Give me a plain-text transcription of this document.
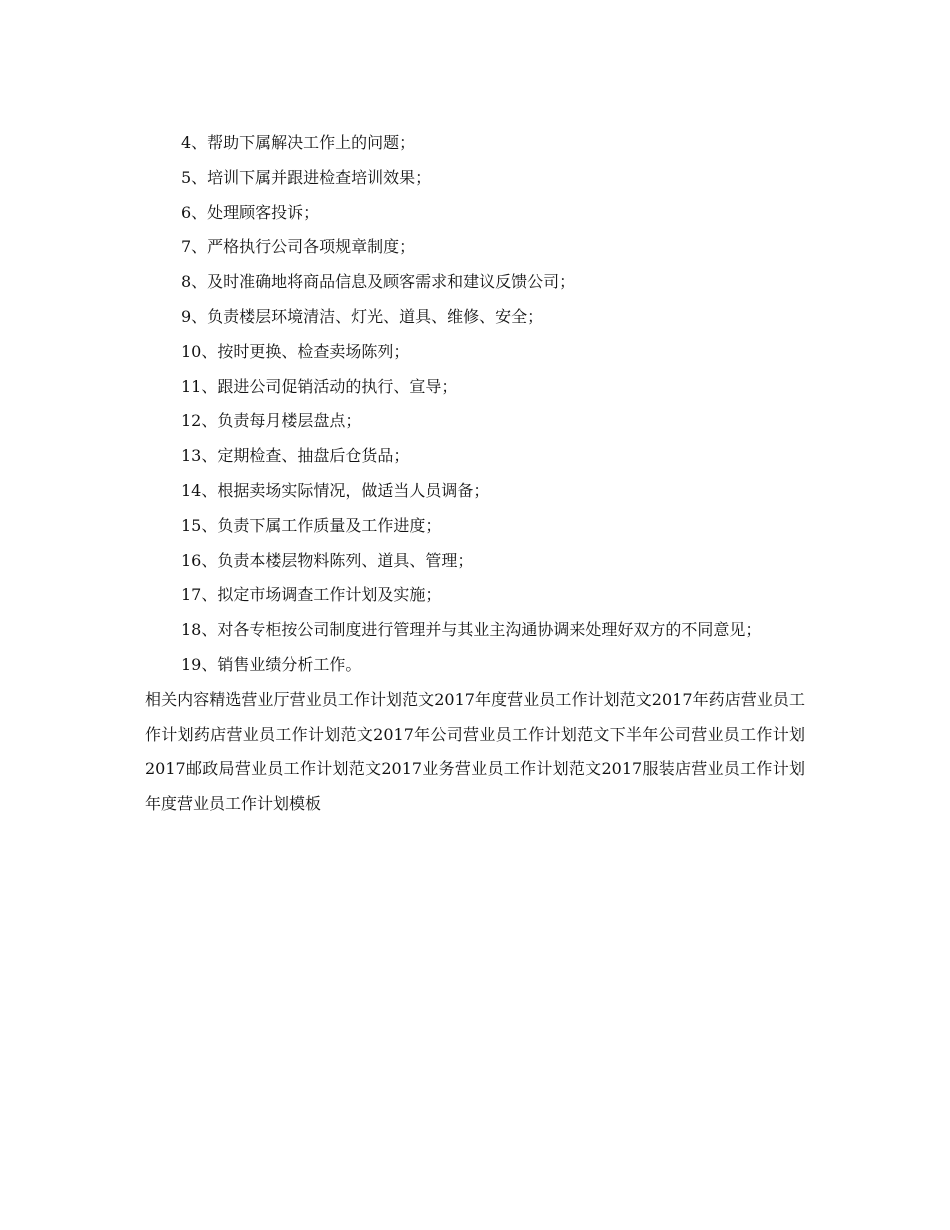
4、帮助下属解决工作上的问题；

5、培训下属并跟进检查培训效果；

6、处理顾客投诉；

7、严格执行公司各项规章制度；

8、及时准确地将商品信息及顾客需求和建议反馈公司；

9、负责楼层环境清洁、灯光、道具、维修、安全；

10、按时更换、检查卖场陈列；

11、跟进公司促销活动的执行、宣导；

12、负责每月楼层盘点；

13、定期检查、抽盘后仓货品；

14、根据卖场实际情况，做适当人员调备；

15、负责下属工作质量及工作进度；

16、负责本楼层物料陈列、道具、管理；

17、拟定市场调查工作计划及实施；

18、对各专柜按公司制度进行管理并与其业主沟通协调来处理好双方的不同意见；

19、销售业绩分析工作。

相关内容精选营业厅营业员工作计划范文2017年度营业员工作计划范文2017年药店营业员工作计划药店营业员工作计划范文2017年公司营业员工作计划范文下半年公司营业员工作计划2017邮政局营业员工作计划范文2017业务营业员工作计划范文2017服装店营业员工作计划年度营业员工作计划模板
